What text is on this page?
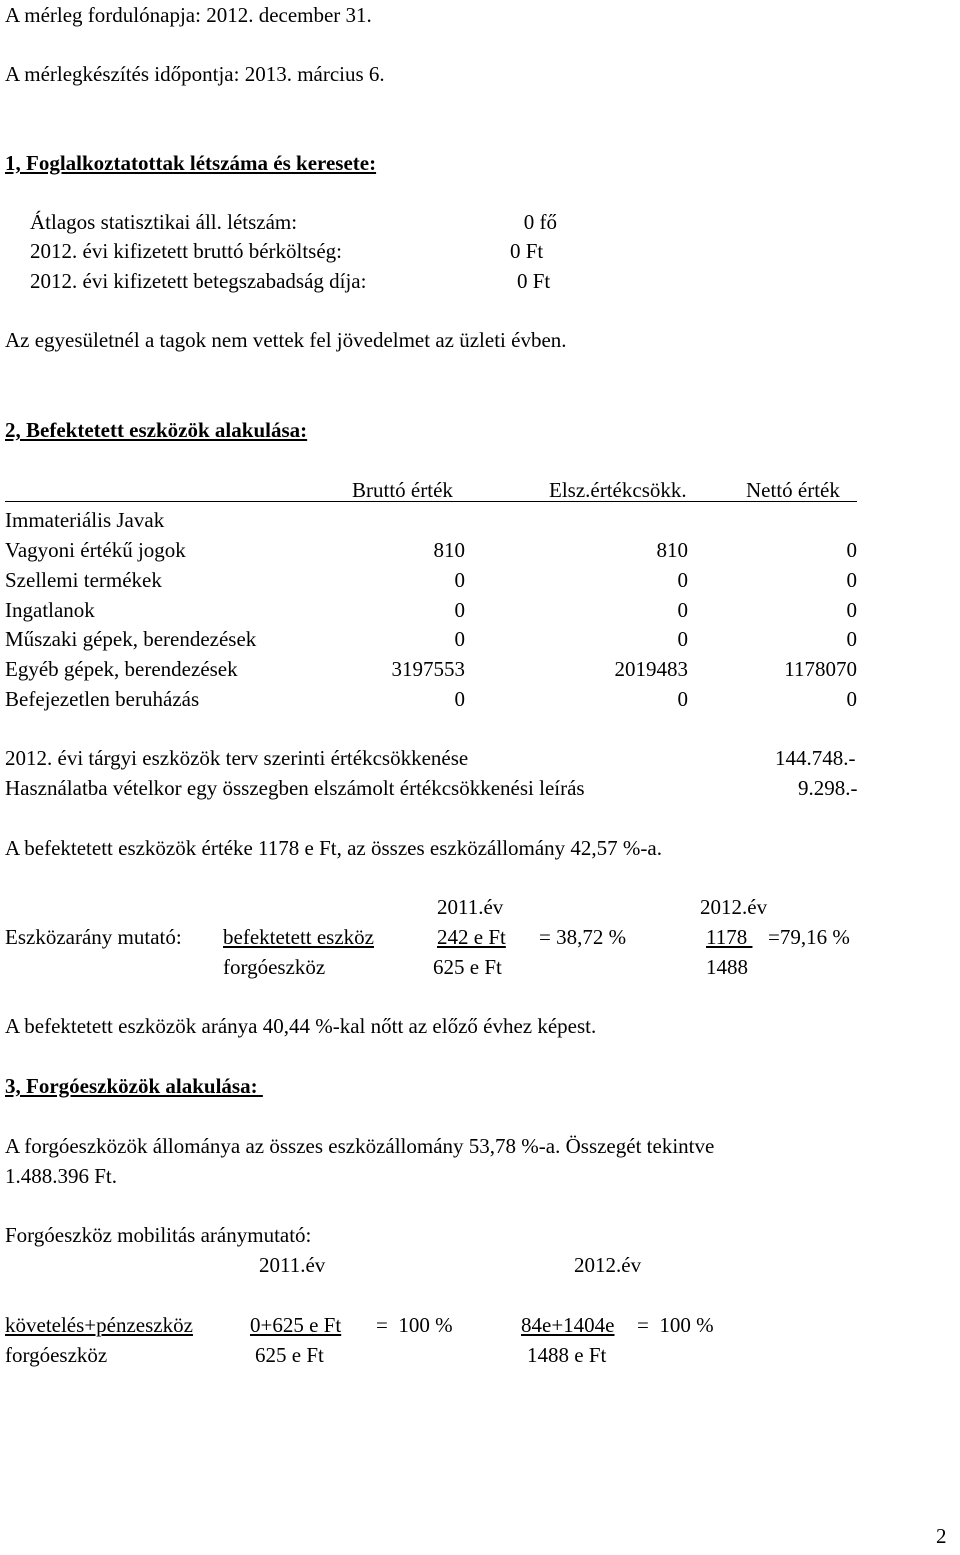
A mérleg fordulónapja: 2012. december 31.
A mérlegkészítés időpontja: 2013. március 6.
1, Foglalkoztatottak létszáma és keresete:
Átlagos statisztikai áll. létszám:	0 fő
2012. évi kifizetett bruttó bérköltség:	0 Ft
2012. évi kifizetett betegszabadság díja:	0 Ft
Az egyesületnél a tagok nem vettek fel jövedelmet az üzleti évben.
2, Befektetett eszközök alakulása:
Bruttó érték	Elsz.értékcsökk.	Nettó érték
Immateriális Javak
Vagyoni értékű jogok	810	810	0
Szellemi termékek	0	0	0
Ingatlanok	0	0	0
Műszaki gépek, berendezések	0	0	0
Egyéb gépek, berendezések	3197553	2019483	1178070
Befejezetlen beruházás	0	0	0
2012. évi tárgyi eszközök terv szerinti értékcsökkenése	144.748.-
Használatba vételkor egy összegben elszámolt értékcsökkenési leírás	9.298.-
A befektetett eszközök értéke 1178 e Ft, az összes eszközállomány 42,57 %-a.
2011.év	2012.év
Eszközarány mutató: befektetett eszköz	242 e Ft = 38,72 %	1178 =79,16 %
forgóeszköz	625 e Ft	1488
A befektetett eszközök aránya 40,44 %-kal nőtt az előző évhez képest.
3, Forgóeszközök alakulása:
A forgóeszközök állománya az összes eszközállomány 53,78 %-a. Összegét tekintve
1.488.396 Ft.
Forgóeszköz mobilitás aránymutató:
2011.év	2012.év
követelés+pénzeszköz	0+625 e Ft =  100 %	84e+1404e =  100 %
forgóeszköz	625 e Ft	1488 e Ft
2
